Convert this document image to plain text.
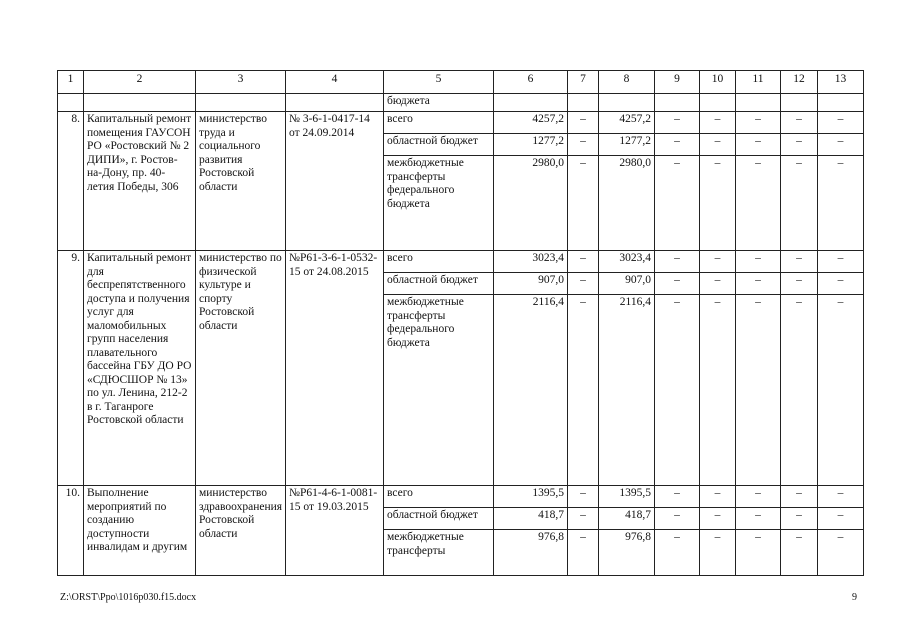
1	2	3	4	5	6	7	8	9	10	11	12	13
				бюджета								
8.	Капитальный ремонт помещения ГАУСОН РО «Ростовский № 2 ДИПИ», г. Ростов-на-Дону, пр. 40-летия Победы, 306	министерство труда и социального развития Ростовской области	№ 3-6-1-0417-14 от 24.09.2014	всего	4257,2	–	4257,2	–	–	–	–	–
				областной бюджет	1277,2	–	1277,2	–	–	–	–	–
				межбюджетные трансферты федерального бюджета	2980,0	–	2980,0	–	–	–	–	–
9.	Капитальный ремонт для беспрепятственного доступа и получения услуг для маломобильных групп населения плавательного бассейна ГБУ ДО РО «СДЮСШОР № 13» по ул. Ленина, 212-2 в г. Таганроге Ростовской области	министерство по физической культуре и спорту Ростовской области	№Р61-3-6-1-0532-15 от 24.08.2015	всего	3023,4	–	3023,4	–	–	–	–	–
				областной бюджет	907,0	–	907,0	–	–	–	–	–
				межбюджетные трансферты федерального бюджета	2116,4	–	2116,4	–	–	–	–	–
10.	Выполнение мероприятий по созданию доступности инвалидам и другим	министерство здравоохранения Ростовской области	№Р61-4-6-1-0081-15 от 19.03.2015	всего	1395,5	–	1395,5	–	–	–	–	–
				областной бюджет	418,7	–	418,7	–	–	–	–	–
				межбюджетные трансферты	976,8	–	976,8	–	–	–	–	–
Z:\ORST\Ppo\1016p030.f15.docx	9
